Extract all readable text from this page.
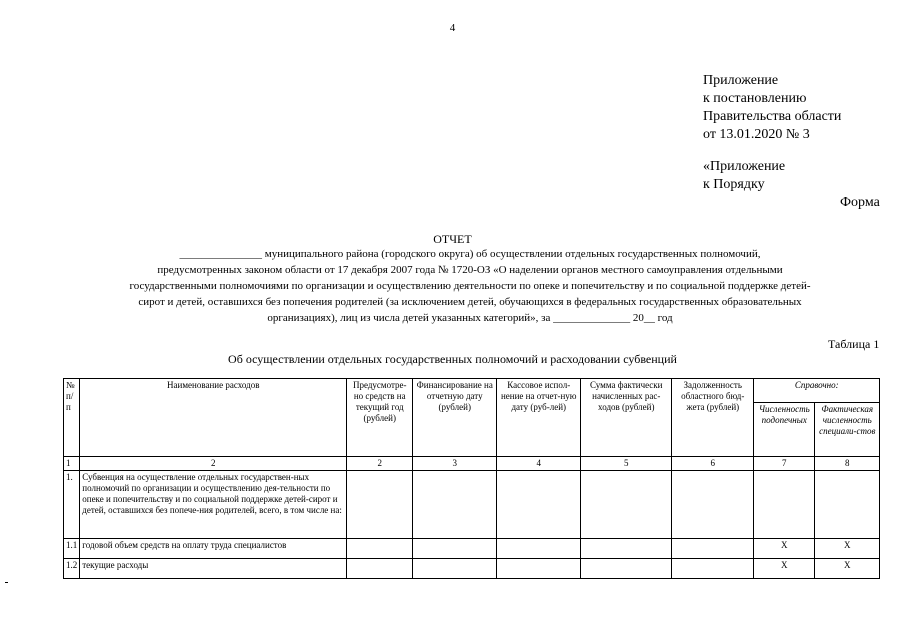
4
Приложение
к постановлению
Правительства области
от 13.01.2020 № 3
«Приложение
к Порядку
Форма
ОТЧЕТ
_______________ муниципального района (городского округа) об осуществлении отдельных государственных полномочий,
предусмотренных законом области от 17 декабря 2007 года № 1720-ОЗ «О наделении органов местного самоуправления отдельными
государственными полномочиями по организации и осуществлению деятельности по опеке и попечительству и по социальной поддержке детей-
сирот и детей, оставшихся без попечения родителей (за исключением детей, обучающихся в федеральных государственных образовательных
организациях), лиц из числа детей указанных категорий», за ______________ 20__ год
Таблица 1
Об осуществлении отдельных государственных полномочий и расходовании субвенций
№ п/п	Наименование расходов	Предусмотре-но средств на текущий год (рублей)	Финансирование на отчетную дату (рублей)	Кассовое испол-нение на отчет-ную дату (руб-лей)	Сумма фактически начисленных рас-ходов (рублей)	Задолженность областного бюд-жета (рублей)	Справочно:	
							Численность подопечных	Фактическая численность специали-стов
1	2	2	3	4	5	6	7	8
1.	Субвенция на осуществление отдельных государствен-ных полномочий по организации и осуществлению дея-тельности по опеке и попечительству и по социальной поддержке детей-сирот и детей, оставшихся без попече-ния родителей, всего, в том числе на:							
1.1	годовой объем средств на оплату труда специалистов						X	X
1.2	текущие расходы						X	X
